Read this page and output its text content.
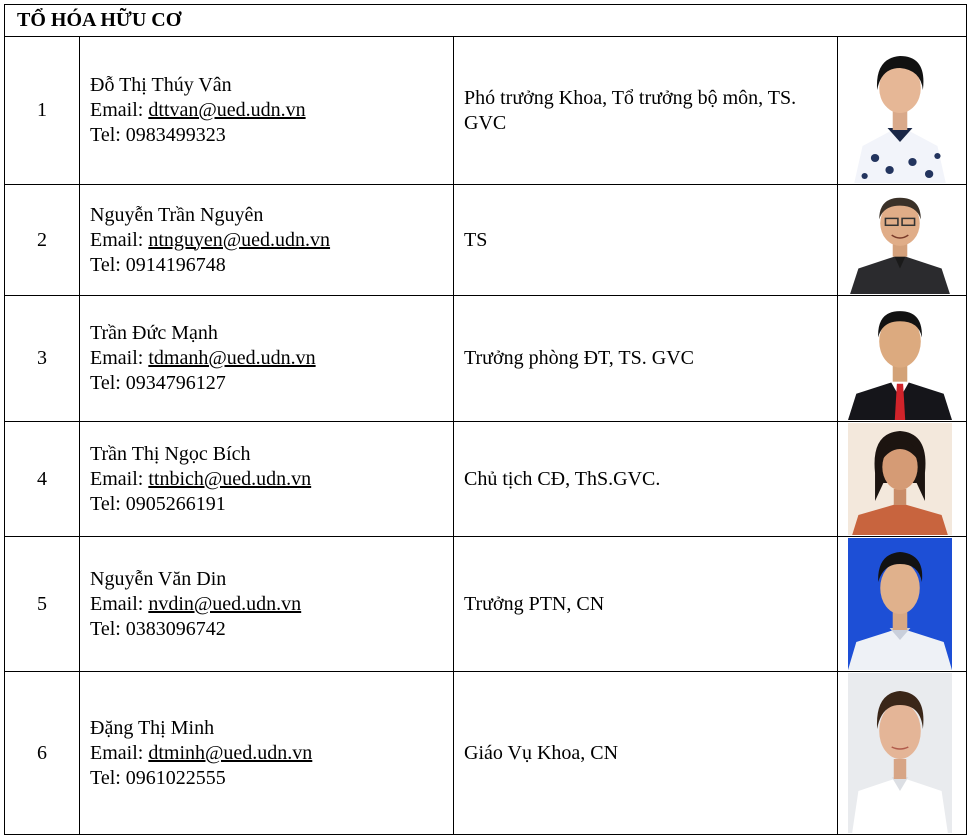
TỔ HÓA HỮU CƠ
1
Đỗ Thị Thúy Vân
Email: dttvan@ued.udn.vn
Tel: 0983499323
Phó trưởng Khoa, Tổ trưởng bộ môn, TS. GVC
2
Nguyễn Trần Nguyên
Email: ntnguyen@ued.udn.vn
Tel: 0914196748
TS
3
Trần Đức Mạnh
Email: tdmanh@ued.udn.vn
Tel: 0934796127
Trưởng phòng ĐT, TS. GVC
4
Trần Thị Ngọc Bích
Email: ttnbich@ued.udn.vn
Tel: 0905266191
Chủ tịch CĐ, ThS.GVC.
5
Nguyễn Văn Din
Email: nvdin@ued.udn.vn
Tel: 0383096742
Trưởng PTN, CN
6
Đặng Thị Minh
Email: dtminh@ued.udn.vn
Tel: 0961022555
Giáo Vụ Khoa, CN
